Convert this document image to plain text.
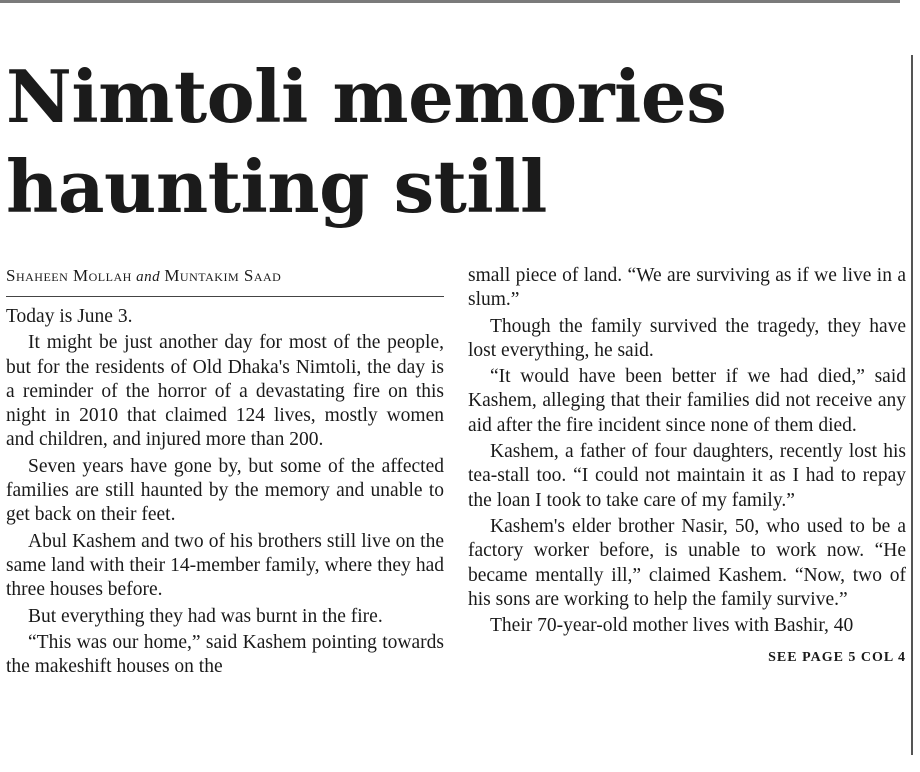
Nimtoli memories
haunting still
Shaheen Mollah and Muntakim Saad

Today is June 3.

It might be just another day for most of the people, but for the residents of Old Dhaka's Nimtoli, the day is a reminder of the horror of a devastating fire on this night in 2010 that claimed 124 lives, mostly women and children, and injured more than 200.

Seven years have gone by, but some of the affected families are still haunted by the memory and unable to get back on their feet.

Abul Kashem and two of his brothers still live on the same land with their 14-member family, where they had three houses before.

But everything they had was burnt in the fire.

“This was our home,” said Kashem pointing towards the makeshift houses on the

small piece of land. “We are surviving as if we live in a slum.”

Though the family survived the tragedy, they have lost everything, he said.

“It would have been better if we had died,” said Kashem, alleging that their families did not receive any aid after the fire incident since none of them died.

Kashem, a father of four daughters, recently lost his tea-stall too. “I could not maintain it as I had to repay the loan I took to take care of my family.”

Kashem's elder brother Nasir, 50, who used to be a factory worker before, is unable to work now. “He became mentally ill,” claimed Kashem. “Now, two of his sons are working to help the family survive.”

Their 70-year-old mother lives with Bashir, 40

SEE PAGE 5 COL 4
